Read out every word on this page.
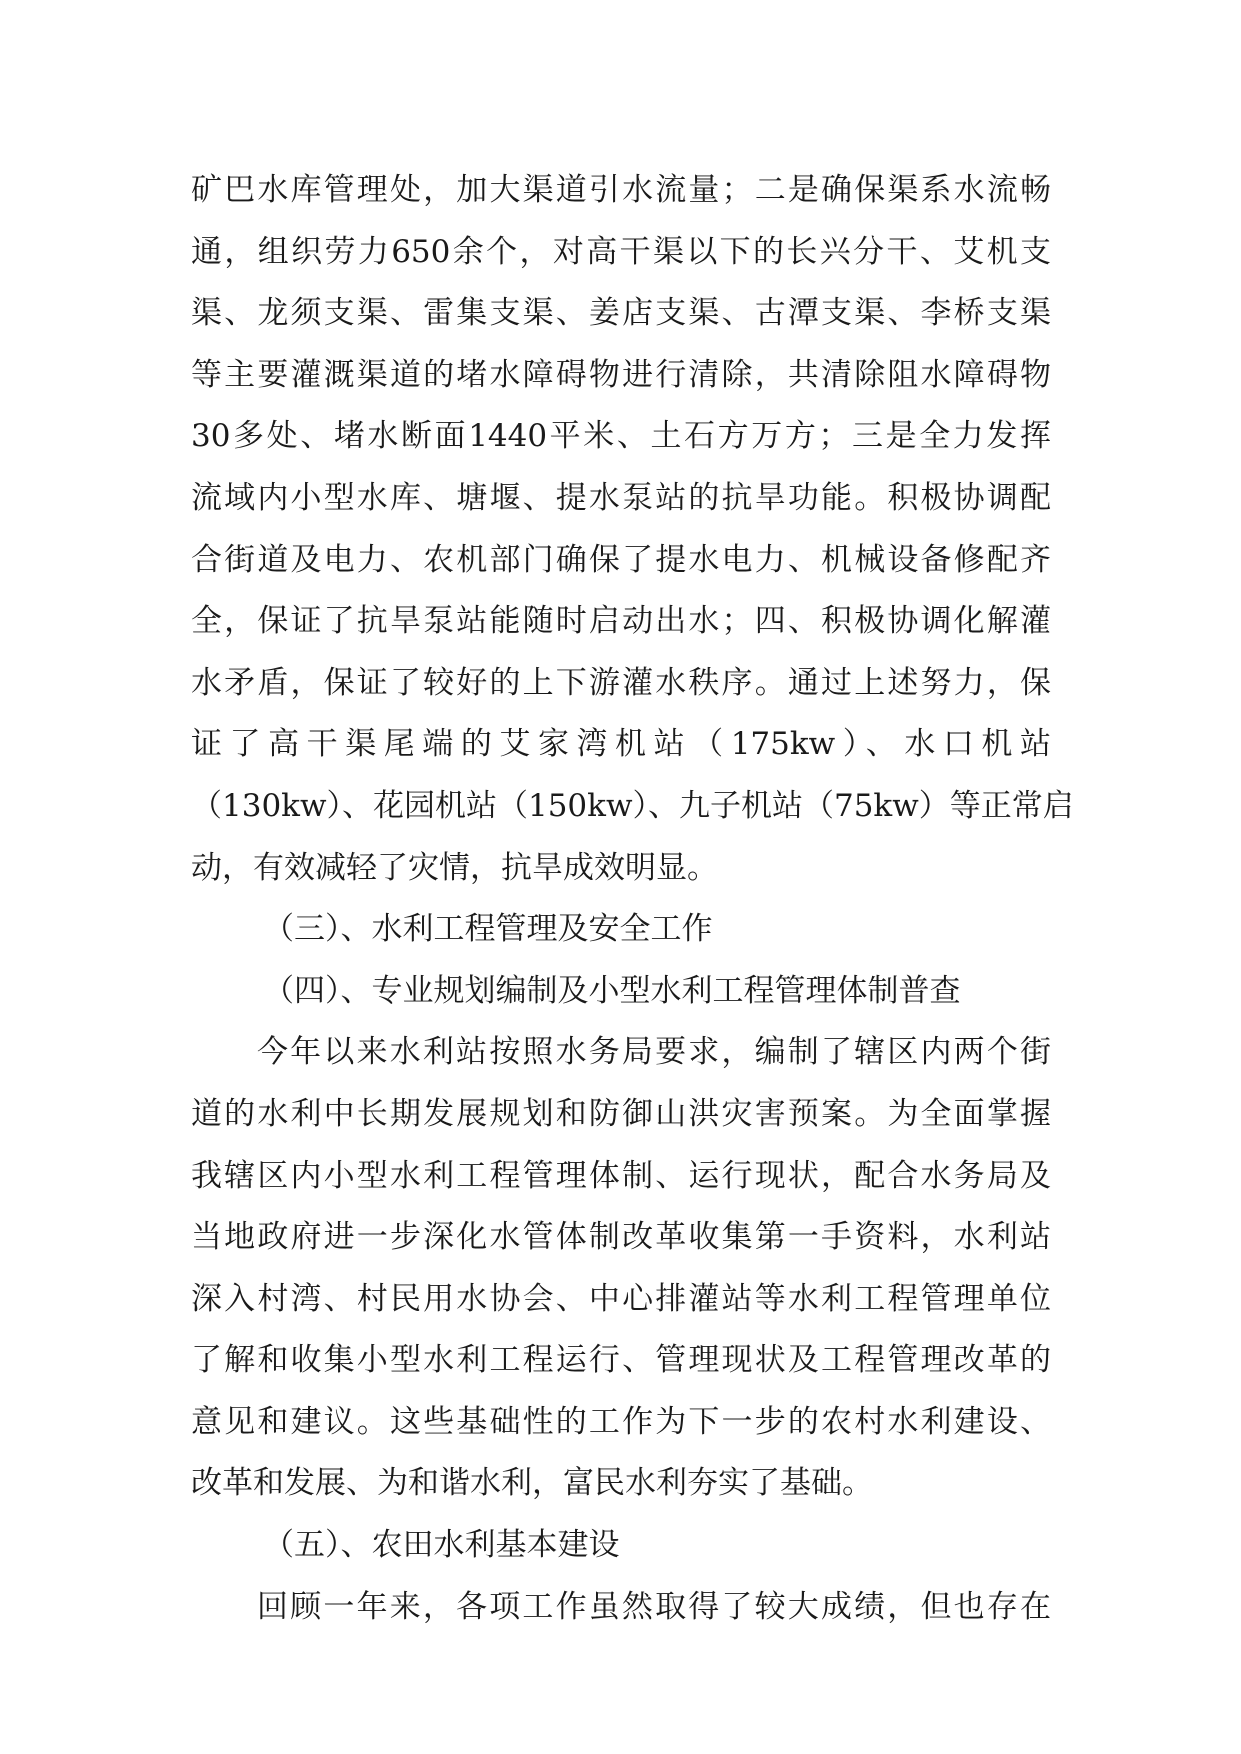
矿巴水库管理处，加大渠道引水流量；二是确保渠系水流畅
通，组织劳力650余个，对高干渠以下的长兴分干、艾机支
渠、龙须支渠、雷集支渠、姜店支渠、古潭支渠、李桥支渠
等主要灌溉渠道的堵水障碍物进行清除，共清除阻水障碍物
30多处、堵水断面1440平米、土石方万方；三是全力发挥
流域内小型水库、塘堰、提水泵站的抗旱功能。积极协调配
合街道及电力、农机部门确保了提水电力、机械设备修配齐
全，保证了抗旱泵站能随时启动出水；四、积极协调化解灌
水矛盾，保证了较好的上下游灌水秩序。通过上述努力，保
证了高干渠尾端的艾家湾机站（175kw）、水口机站
（130kw）、花园机站（150kw）、九子机站（75kw）等正常启
动，有效减轻了灾情，抗旱成效明显。
（三）、水利工程管理及安全工作
（四）、专业规划编制及小型水利工程管理体制普查
今年以来水利站按照水务局要求，编制了辖区内两个街
道的水利中长期发展规划和防御山洪灾害预案。为全面掌握
我辖区内小型水利工程管理体制、运行现状，配合水务局及
当地政府进一步深化水管体制改革收集第一手资料，水利站
深入村湾、村民用水协会、中心排灌站等水利工程管理单位
了解和收集小型水利工程运行、管理现状及工程管理改革的
意见和建议。这些基础性的工作为下一步的农村水利建设、
改革和发展、为和谐水利，富民水利夯实了基础。
（五）、农田水利基本建设
回顾一年来，各项工作虽然取得了较大成绩，但也存在
